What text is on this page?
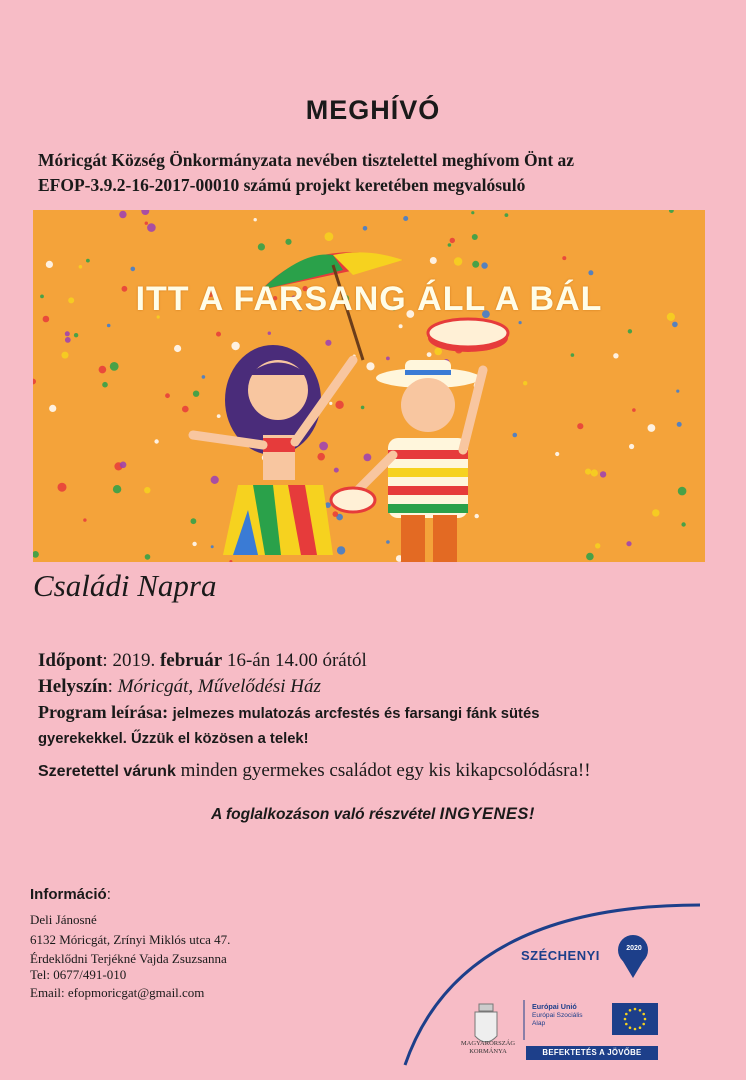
MEGHÍVÓ
Móricgát Község Önkormányzata nevében tisztelettel meghívom Önt az
EFOP-3.9.2-16-2017-00010 számú projekt keretében megvalósuló
ITT A FARSANG ÁLL A BÁL
Családi Napra
Időpont: 2019. február 16-án 14.00 órától
Helyszín: Móricgát, Művelődési Ház
Program leírása: jelmezes mulatozás arcfestés és farsangi fánk sütés
gyerekekkel. Űzzük el közösen a telek!
Szeretettel várunk minden gyermekes családot egy kis kikapcsolódásra!!
A foglalkozáson való részvétel INGYENES!
Információ:
Deli Jánosné
6132 Móricgát, Zrínyi Miklós utca 47.
Érdeklődni Terjékné Vajda Zsuzsanna
Tel: 0677/491-010
Email: efopmoricgat@gmail.com
SZÉCHENYI	2020
MAGYARORSZÁG KORMÁNYA
Európai Unió
Európai Szociális
Alap
BEFEKTETÉS A JÖVŐBE
